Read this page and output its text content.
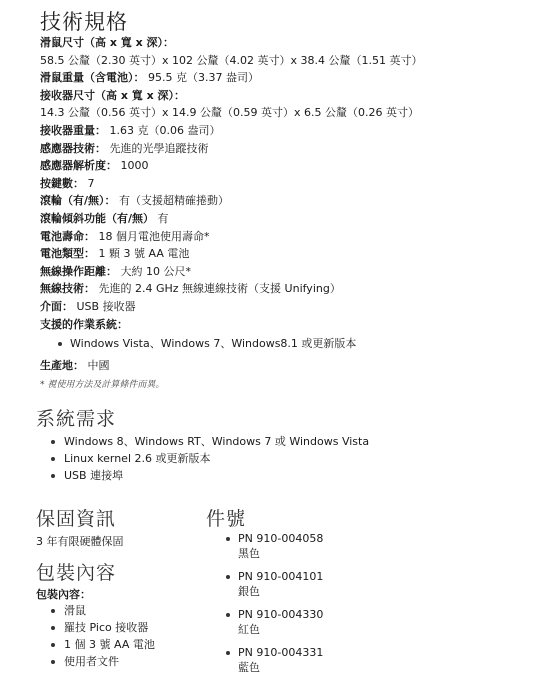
技術規格
滑鼠尺寸（高 x 寬 x 深）：
58.5 公釐（2.30 英寸）x 102 公釐（4.02 英寸）x 38.4 公釐（1.51 英寸）
滑鼠重量（含電池）： 95.5 克（3.37 盎司）
接收器尺寸（高 x 寬 x 深）：
14.3 公釐（0.56 英寸）x 14.9 公釐（0.59 英寸）x 6.5 公釐（0.26 英寸）
接收器重量： 1.63 克（0.06 盎司）
感應器技術： 先進的光學追蹤技術
感應器解析度： 1000
按鍵數： 7
滾輪（有/無）： 有（支援超精確捲動）
滾輪傾斜功能（有/無） 有
電池壽命： 18 個月電池使用壽命*
電池類型： 1 顆 3 號 AA 電池
無線操作距離： 大約 10 公尺*
無線技術： 先進的 2.4 GHz 無線連線技術（支援 Unifying）
介面： USB 接收器
支援的作業系統：
Windows Vista、Windows 7、Windows8.1 或更新版本
生產地： 中國
* 視使用方法及計算條件而異。
系統需求
Windows 8、Windows RT、Windows 7 或 Windows Vista
Linux kernel 2.6 或更新版本
USB 連接埠
保固資訊
3 年有限硬體保固
包裝內容
包裝內容：
滑鼠
羅技 Pico 接收器
1 個 3 號 AA 電池
使用者文件
件號
PN 910-004058
黑色
PN 910-004101
銀色
PN 910-004330
紅色
PN 910-004331
藍色
